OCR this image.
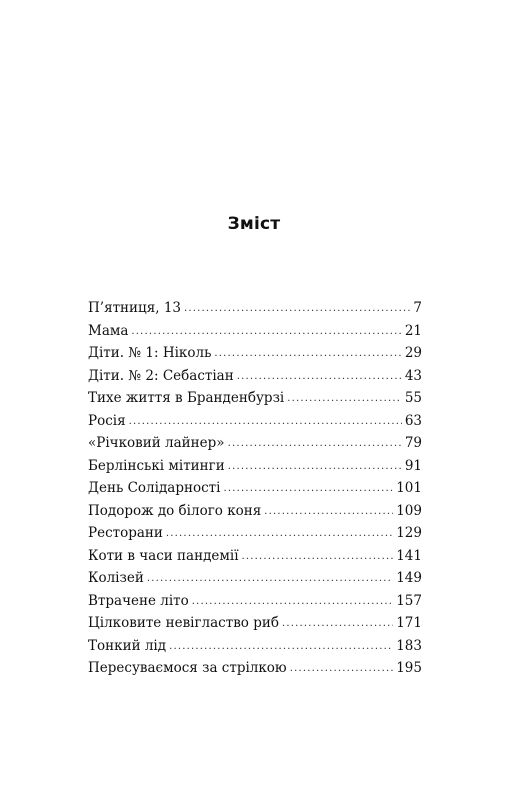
Зміст
П’ятниця, 13 .....	7
Мама .....	21
Діти. № 1: Ніколь .....	29
Діти. № 2: Себастіан .....	43
Тихе життя в Бранденбурзі .....	55
Росія .....	63
«Річковий лайнер» .....	79
Берлінські мітинги .....	91
День Солідарності .....	101
Подорож до білого коня .....	109
Ресторани .....	129
Коти в часи пандемії .....	141
Колізей .....	149
Втрачене літо .....	157
Цілковите невігластво риб .....	171
Тонкий лід .....	183
Пересуваємося за стрілкою .....	195
